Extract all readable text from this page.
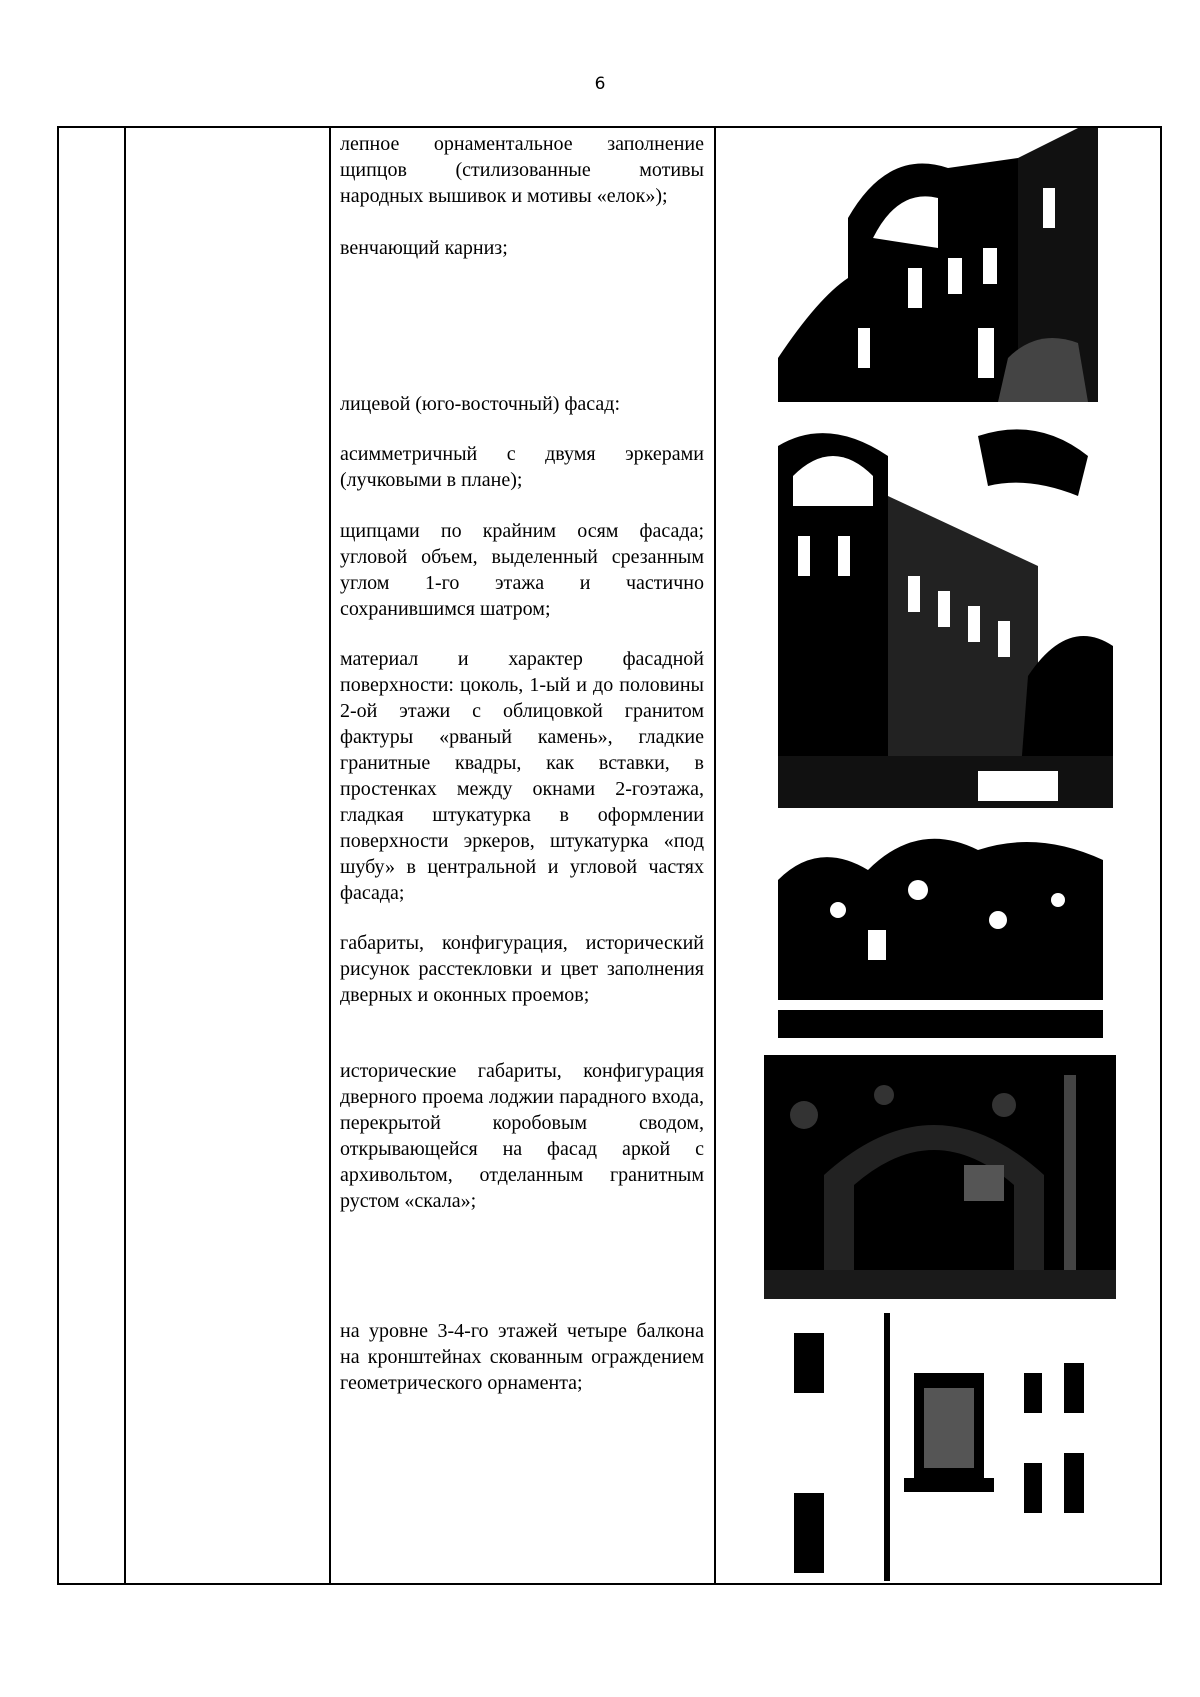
6

лепное орнаментальное заполнение щипцов (стилизованные мотивы народных вышивок и мотивы «елок»);

венчающий карниз;

лицевой (юго-восточный) фасад:

асимметричный с двумя эркерами (лучковыми в плане);

щипцами по крайним осям фасада; угловой объем, выделенный срезанным углом 1-го этажа и частично сохранившимся шатром;

материал и характер фасадной поверхности: цоколь, 1-ый и до половины 2-ой этажи с облицовкой гранитом фактуры «рваный камень», гладкие гранитные квадры, как вставки, в простенках между окнами 2-гоэтажа, гладкая штукатурка в оформлении поверхности эркеров, штукатурка «под шубу» в центральной и угловой частях фасада;

габариты, конфигурация, исторический рисунок расстекловки и цвет заполнения дверных и оконных проемов;

исторические габариты, конфигурация дверного проема лоджии парадного входа, перекрытой коробовым сводом, открывающейся на фасад аркой с архивольтом, отделанным гранитным рустом «скала»;

на уровне 3-4-го этажей четыре балкона на кронштейнах скованным ограждением геометрического орнамента;
